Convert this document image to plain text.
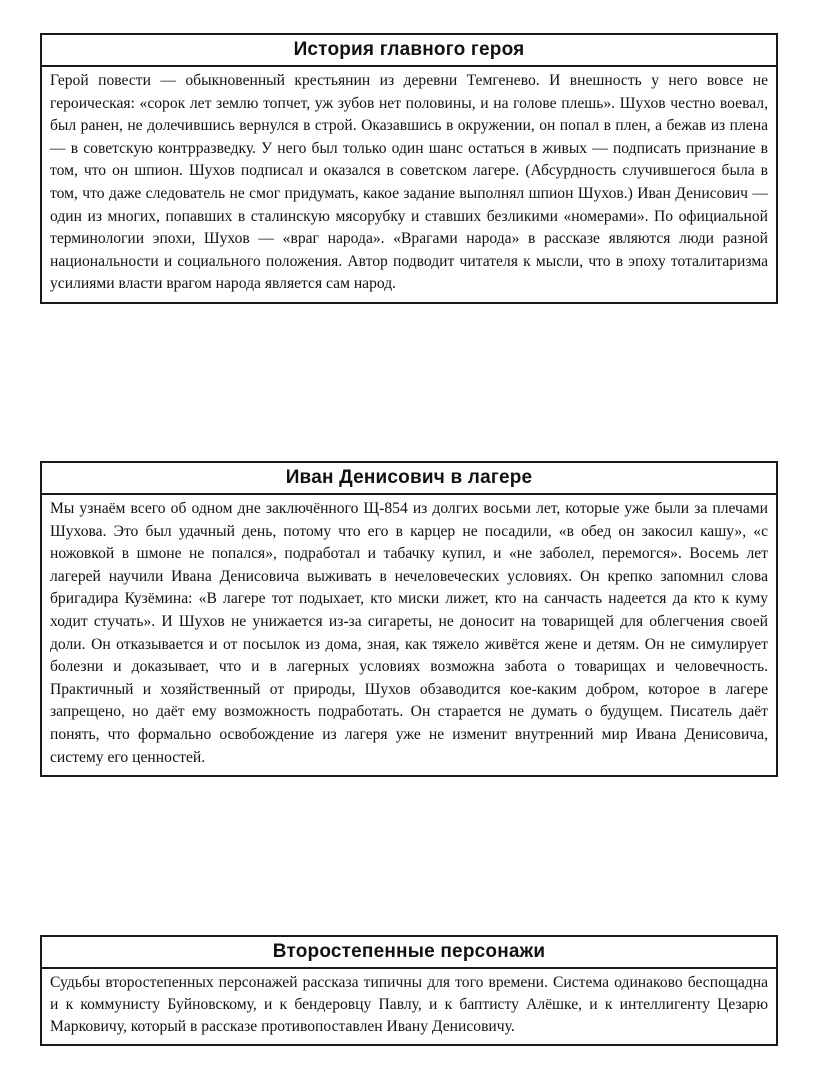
История главного героя
Герой повести — обыкновенный крестьянин из деревни Темгенево. И внешность у него вовсе не героическая: «сорок лет землю топчет, уж зубов нет половины, и на голове плешь». Шухов честно воевал, был ранен, не долечившись вернулся в строй. Оказавшись в окружении, он попал в плен, а бежав из плена — в советскую контрразведку. У него был только один шанс остаться в живых — подписать признание в том, что он шпион. Шухов подписал и оказался в советском лагере. (Абсурдность случившегося была в том, что даже следователь не смог придумать, какое задание выполнял шпион Шухов.) Иван Денисович — один из многих, попавших в сталинскую мясорубку и ставших безликими «номерами». По официальной терминологии эпохи, Шухов — «враг народа». «Врагами народа» в рассказе являются люди разной национальности и социального положения. Автор подводит читателя к мысли, что в эпоху тоталитаризма усилиями власти врагом народа является сам народ.
Иван Денисович в лагере
Мы узнаём всего об одном дне заключённого Щ-854 из долгих восьми лет, которые уже были за плечами Шухова. Это был удачный день, потому что его в карцер не посадили, «в обед он закосил кашу», «с ножовкой в шмоне не попался», подработал и табачку купил, и «не заболел, перемогся». Восемь лет лагерей научили Ивана Денисовича выживать в нечеловеческих условиях. Он крепко запомнил слова бригадира Кузёмина: «В лагере тот подыхает, кто миски лижет, кто на санчасть надеется да кто к куму ходит стучать». И Шухов не унижается из-за сигареты, не доносит на товарищей для облегчения своей доли. Он отказывается и от посылок из дома, зная, как тяжело живётся жене и детям. Он не симулирует болезни и доказывает, что и в лагерных условиях возможна забота о товарищах и человечность. Практичный и хозяйственный от природы, Шухов обзаводится кое-каким добром, которое в лагере запрещено, но даёт ему возможность подработать. Он старается не думать о будущем. Писатель даёт понять, что формально освобождение из лагеря уже не изменит внутренний мир Ивана Денисовича, систему его ценностей.
Второстепенные персонажи
Судьбы второстепенных персонажей рассказа типичны для того времени. Система одинаково беспощадна и к коммунисту Буйновскому, и к бендеровцу Павлу, и к баптисту Алёшке, и к интеллигенту Цезарю Марковичу, который в рассказе противопоставлен Ивану Денисовичу.
